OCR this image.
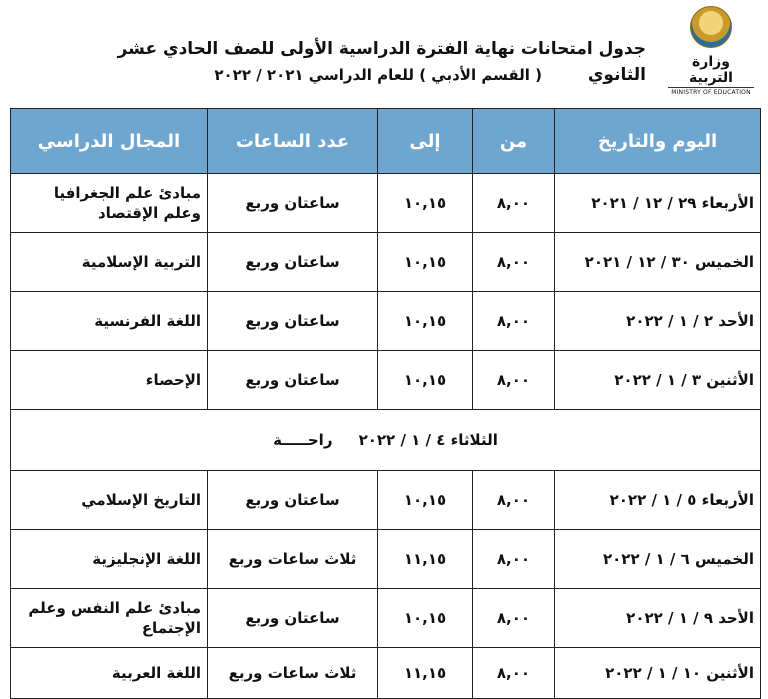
وزارة التربية
MINISTRY OF EDUCATION
جدول امتحانات نهاية الفترة الدراسية الأولى للصف الحادي عشر الثانوي
( القسم الأدبي ) للعام الدراسي ٢٠٢١ / ٢٠٢٢
اليوم والتاريخ	من	إلى	عدد الساعات	المجال الدراسي
الأربعاء ٢٩ / ١٢ / ٢٠٢١	٨,٠٠	١٠,١٥	ساعتان وربع	مبادئ علم الجغرافيا وعلم الإقتصاد
الخميس ٣٠ / ١٢ / ٢٠٢١	٨,٠٠	١٠,١٥	ساعتان وربع	التربية الإسلامية
الأحد ٢ / ١ / ٢٠٢٢	٨,٠٠	١٠,١٥	ساعتان وربع	اللغة الفرنسية
الأثنين ٣ / ١ / ٢٠٢٢	٨,٠٠	١٠,١٥	ساعتان وربع	الإحصاء
الثلاثاء ٤ / ١ / ٢٠٢٢     راحـــــة				
الأربعاء ٥ / ١ / ٢٠٢٢	٨,٠٠	١٠,١٥	ساعتان وربع	التاريخ الإسلامي
الخميس ٦ / ١ / ٢٠٢٢	٨,٠٠	١١,١٥	ثلاث ساعات وربع	اللغة الإنجليزية
الأحد ٩ / ١ / ٢٠٢٢	٨,٠٠	١٠,١٥	ساعتان وربع	مبادئ علم النفس وعلم الإجتماع
الأثنين ١٠ / ١ / ٢٠٢٢	٨,٠٠	١١,١٥	ثلاث ساعات وربع	اللغة العربية
